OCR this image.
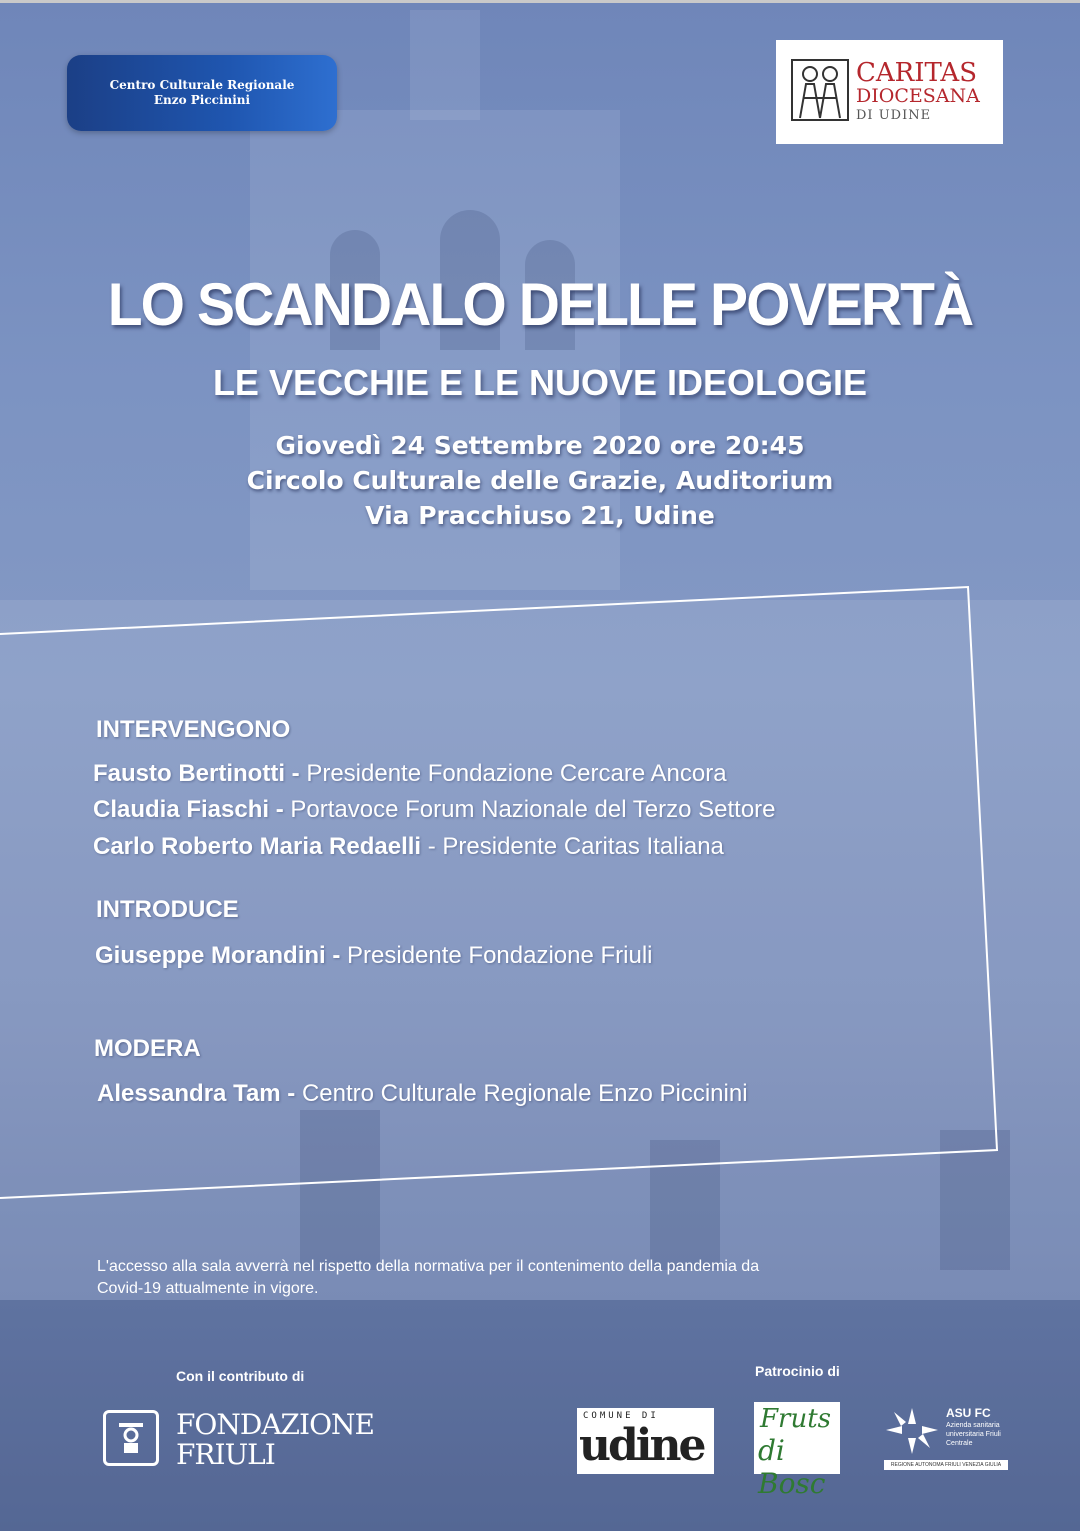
Centro Culturale Regionale
Enzo Piccinini
CARITAS
DIOCESANA
DI UDINE
LO SCANDALO DELLE POVERTÀ
LE VECCHIE E LE NUOVE IDEOLOGIE
Giovedì 24 Settembre 2020 ore 20:45
Circolo Culturale delle Grazie, Auditorium
Via Pracchiuso 21, Udine
INTERVENGONO
Fausto Bertinotti - Presidente Fondazione Cercare Ancora
Claudia Fiaschi - Portavoce Forum Nazionale del Terzo Settore
Carlo Roberto Maria Redaelli - Presidente Caritas Italiana
INTRODUCE
Giuseppe Morandini - Presidente Fondazione Friuli
MODERA
Alessandra Tam - Centro Culturale Regionale Enzo Piccinini
L'accesso alla sala avverrà nel rispetto della normativa per il contenimento della pandemia da Covid-19 attualmente in vigore.
Con il contributo di
FONDAZIONE
FRIULI
Patrocinio di
COMUNE DI
udine
Fruts
di Bosc
ASU FC
Azienda sanitaria universitaria Friuli Centrale
REGIONE AUTONOMA FRIULI VENEZIA GIULIA
